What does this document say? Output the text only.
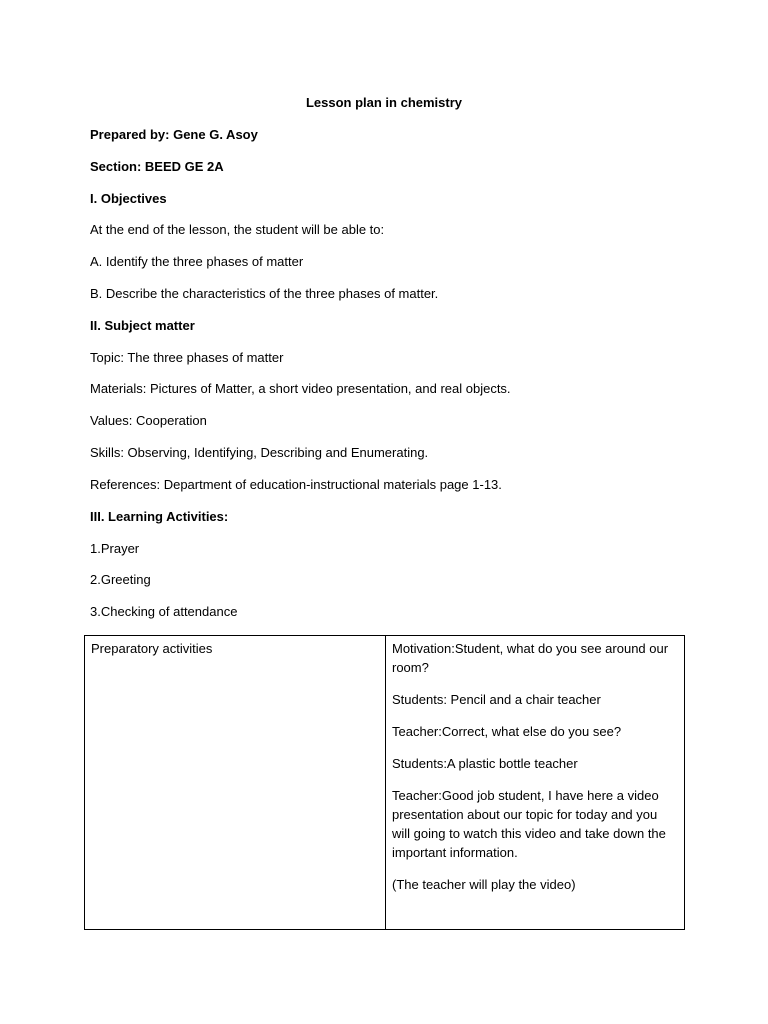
Lesson plan in chemistry
Prepared by: Gene G. Asoy
Section: BEED GE 2A
I. Objectives
At the end of the lesson, the student will be able to:
A. Identify the three phases of matter
B. Describe the characteristics of the three phases of matter.
II. Subject matter
Topic: The three phases of matter
Materials: Pictures of Matter, a short video presentation, and real objects.
Values: Cooperation
Skills: Observing, Identifying, Describing and Enumerating.
References: Department of education-instructional materials page 1-13.
III. Learning Activities:
1.Prayer
2.Greeting
3.Checking of attendance
Preparatory activities	Motivation:Student, what do you see around our room?

Students: Pencil and a chair teacher

Teacher:Correct, what else do you see?

Students:A plastic bottle teacher

Teacher:Good job student, I have here a video presentation about our topic for today and you will going to watch this video and take down the important information.

(The teacher will play the video)
